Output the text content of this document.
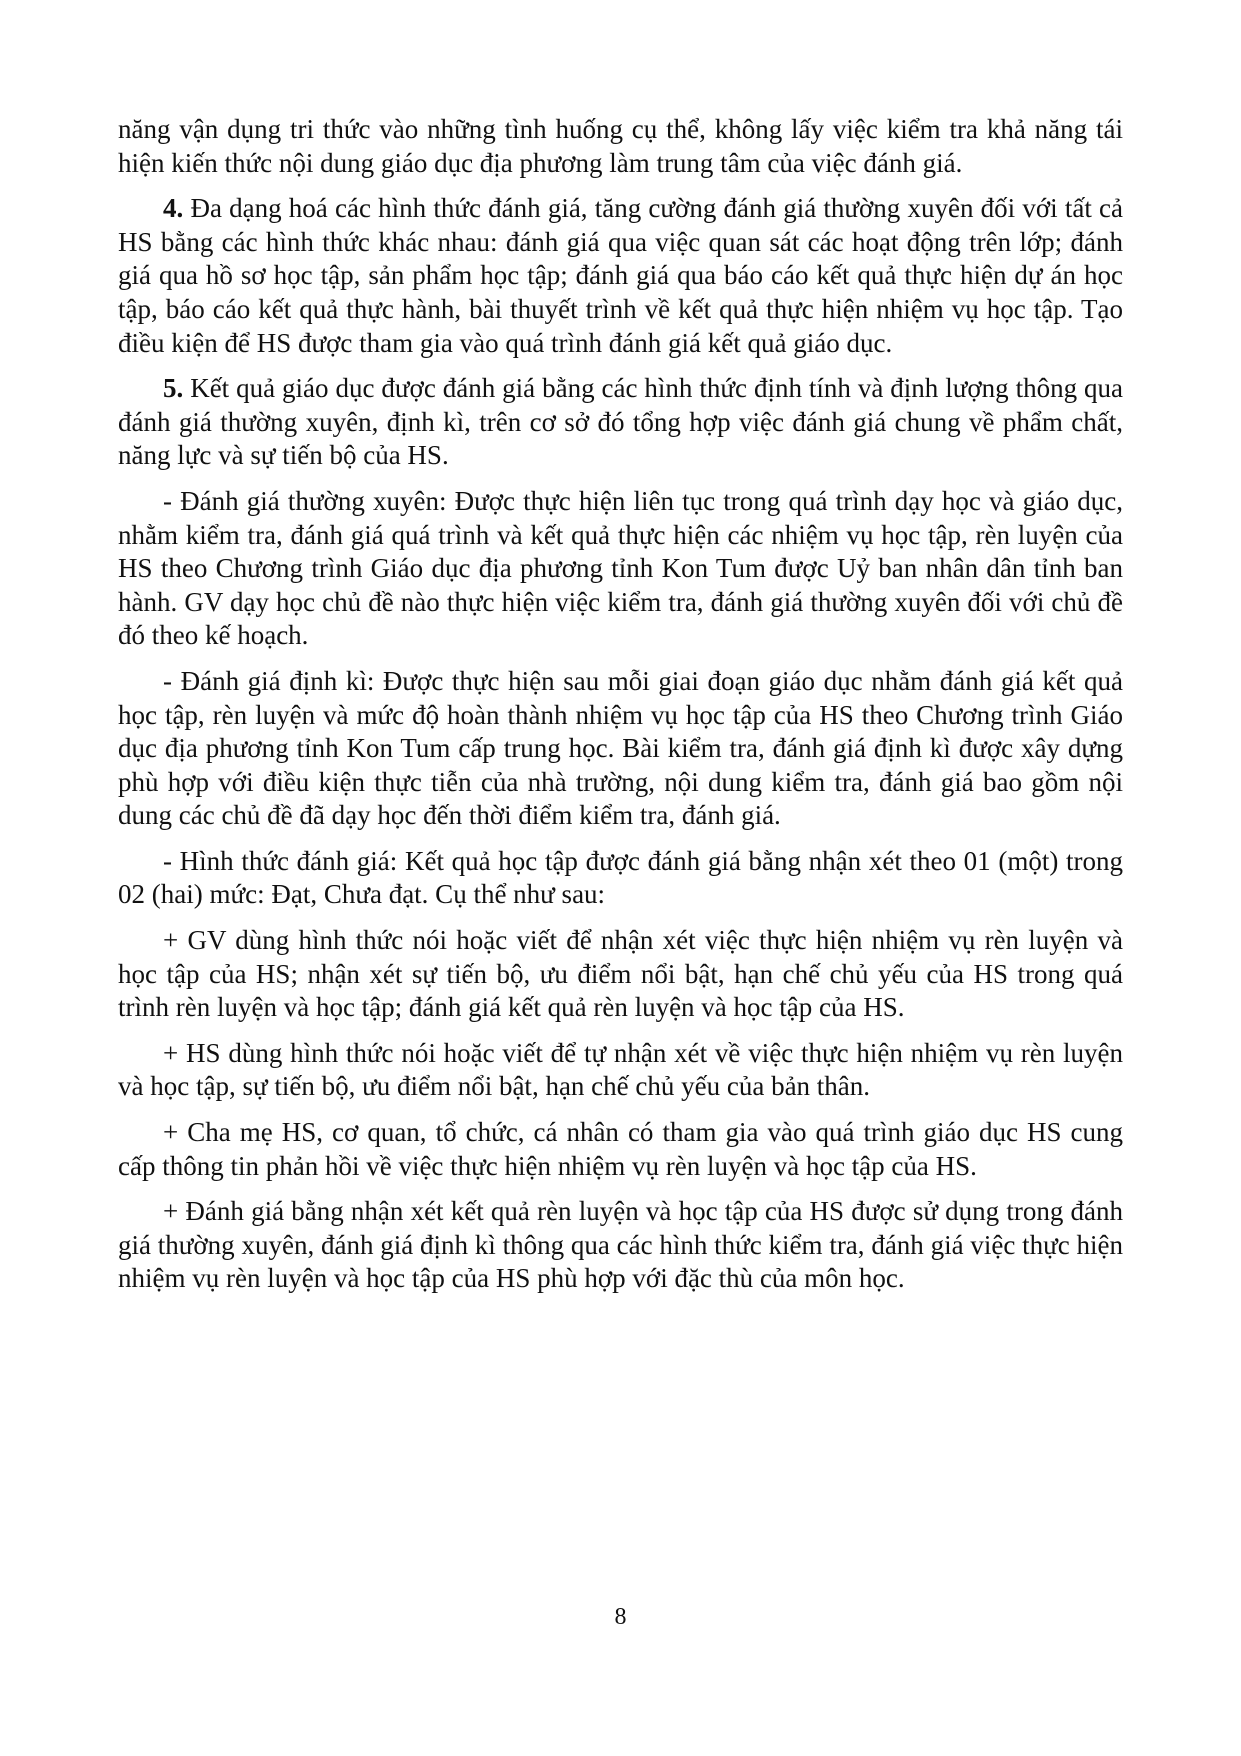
năng vận dụng tri thức vào những tình huống cụ thể, không lấy việc kiểm tra khả năng tái hiện kiến thức nội dung giáo dục địa phương làm trung tâm của việc đánh giá.

4. Đa dạng hoá các hình thức đánh giá, tăng cường đánh giá thường xuyên đối với tất cả HS bằng các hình thức khác nhau: đánh giá qua việc quan sát các hoạt động trên lớp; đánh giá qua hồ sơ học tập, sản phẩm học tập; đánh giá qua báo cáo kết quả thực hiện dự án học tập, báo cáo kết quả thực hành, bài thuyết trình về kết quả thực hiện nhiệm vụ học tập. Tạo điều kiện để HS được tham gia vào quá trình đánh giá kết quả giáo dục.

5. Kết quả giáo dục được đánh giá bằng các hình thức định tính và định lượng thông qua đánh giá thường xuyên, định kì, trên cơ sở đó tổng hợp việc đánh giá chung về phẩm chất, năng lực và sự tiến bộ của HS.

- Đánh giá thường xuyên: Được thực hiện liên tục trong quá trình dạy học và giáo dục, nhằm kiểm tra, đánh giá quá trình và kết quả thực hiện các nhiệm vụ học tập, rèn luyện của HS theo Chương trình Giáo dục địa phương tỉnh Kon Tum được Uỷ ban nhân dân tỉnh ban hành. GV dạy học chủ đề nào thực hiện việc kiểm tra, đánh giá thường xuyên đối với chủ đề đó theo kế hoạch.

- Đánh giá định kì: Được thực hiện sau mỗi giai đoạn giáo dục nhằm đánh giá kết quả học tập, rèn luyện và mức độ hoàn thành nhiệm vụ học tập của HS theo Chương trình Giáo dục địa phương tỉnh Kon Tum cấp trung học. Bài kiểm tra, đánh giá định kì được xây dựng phù hợp với điều kiện thực tiễn của nhà trường, nội dung kiểm tra, đánh giá bao gồm nội dung các chủ đề đã dạy học đến thời điểm kiểm tra, đánh giá.

- Hình thức đánh giá: Kết quả học tập được đánh giá bằng nhận xét theo 01 (một) trong 02 (hai) mức: Đạt, Chưa đạt. Cụ thể như sau:

+ GV dùng hình thức nói hoặc viết để nhận xét việc thực hiện nhiệm vụ rèn luyện và học tập của HS; nhận xét sự tiến bộ, ưu điểm nổi bật, hạn chế chủ yếu của HS trong quá trình rèn luyện và học tập; đánh giá kết quả rèn luyện và học tập của HS.

+ HS dùng hình thức nói hoặc viết để tự nhận xét về việc thực hiện nhiệm vụ rèn luyện và học tập, sự tiến bộ, ưu điểm nổi bật, hạn chế chủ yếu của bản thân.

+ Cha mẹ HS, cơ quan, tổ chức, cá nhân có tham gia vào quá trình giáo dục HS cung cấp thông tin phản hồi về việc thực hiện nhiệm vụ rèn luyện và học tập của HS.

+ Đánh giá bằng nhận xét kết quả rèn luyện và học tập của HS được sử dụng trong đánh giá thường xuyên, đánh giá định kì thông qua các hình thức kiểm tra, đánh giá việc thực hiện nhiệm vụ rèn luyện và học tập của HS phù hợp với đặc thù của môn học.

8
